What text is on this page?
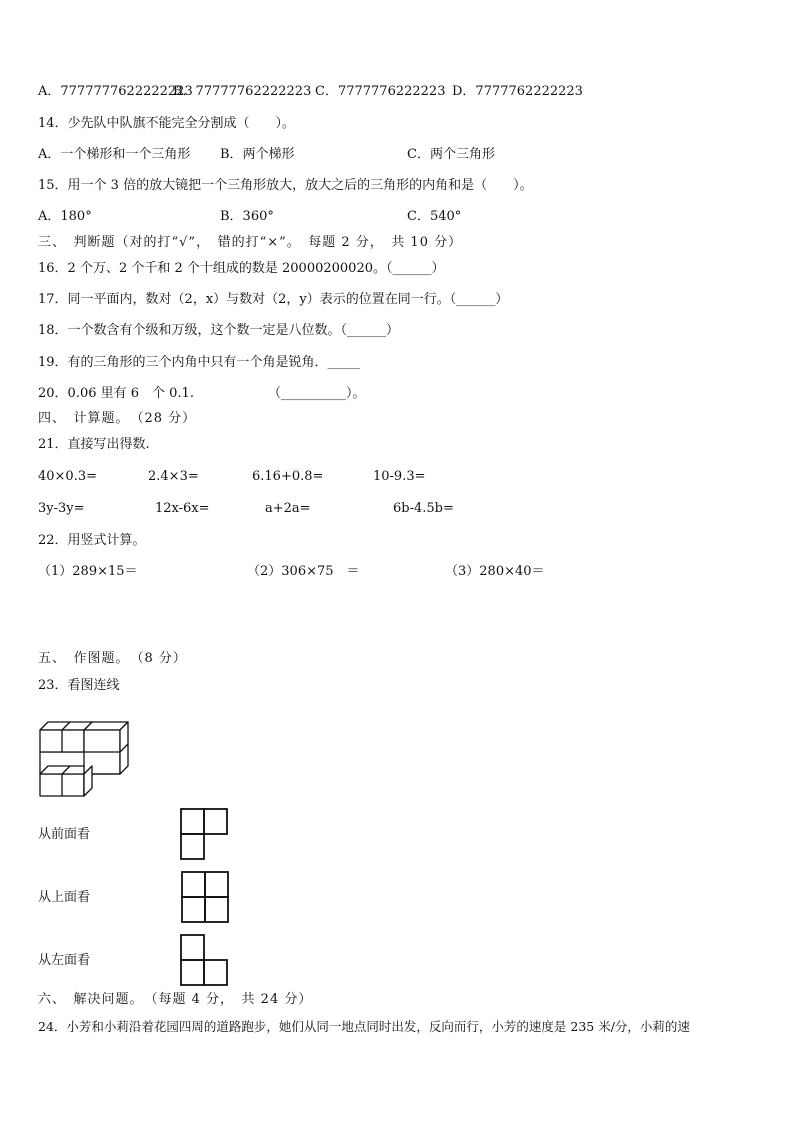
A．7777777622222223
B．77777762222223 C．7777776222223 D．7777762222223
14．少先队中队旗不能完全分割成（　　）。
A．一个梯形和一个三角形 B．两个梯形	C．两个三角形
15．用一个 3 倍的放大镜把一个三角形放大，放大之后的三角形的内角和是（　　）。
A．180°	B．360°	C．540°
三、　判断题（对的打“√”，　错的打“×”。　每题 2 分，　共 10 分）
16．2 个万、2 个千和 2 个十组成的数是 20000200020。（______）
17．同一平面内，数对（2，x）与数对（2，y）表示的位置在同一行。（______）
18．一个数含有个级和万级，这个数一定是八位数。（______）
19．有的三角形的三个内角中只有一个角是锐角．_____
20．0.06 里有 6　个 0.1.	（__________）。
四、　计算题。　（28 分）
21．直接写出得数.
40×0.3=	2.4×3=	6.16+0.8=	10-9.3=
3y-3y=	12x-6x=	a+2a=	6b-4.5b=
22．用竖式计算。
（1）289×15＝	（2）306×75　＝	（3）280×40＝
五、　作图题。　（8 分）
23．看图连线
从前面看
从上面看
从左面看
六、　解决问题。　（每题 4 分，　共 24 分）
24．小芳和小莉沿着花园四周的道路跑步，她们从同一地点同时出发，反向而行，小芳的速度是 235 米/分，小莉的速
